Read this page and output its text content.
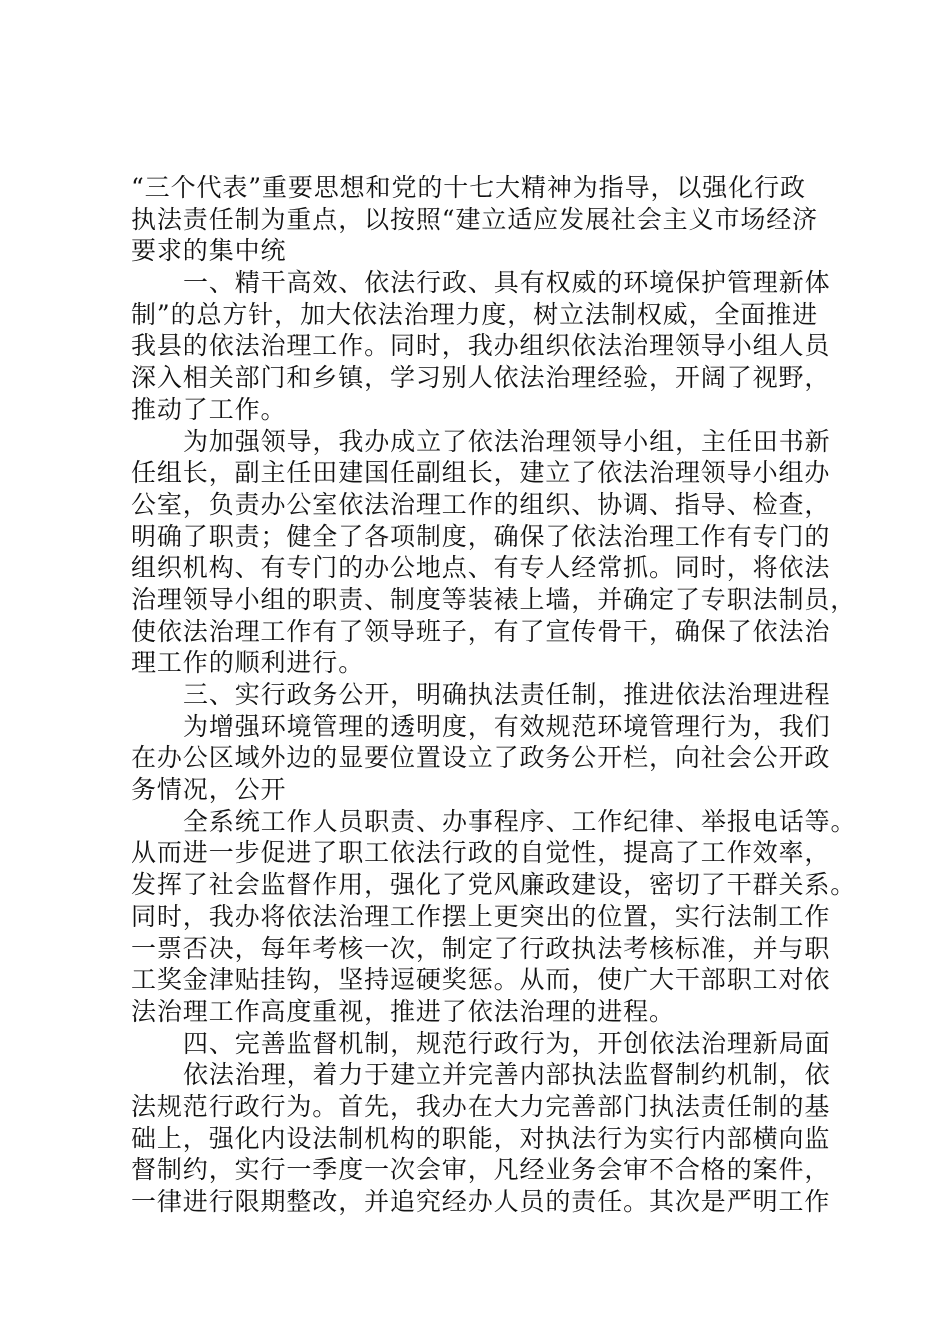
“三个代表”重要思想和党的十七大精神为指导，以强化行政
执法责任制为重点，以按照“建立适应发展社会主义市场经济
要求的集中统
一、精干高效、依法行政、具有权威的环境保护管理新体
制”的总方针，加大依法治理力度，树立法制权威，全面推进
我县的依法治理工作。同时，我办组织依法治理领导小组人员
深入相关部门和乡镇，学习别人依法治理经验，开阔了视野，
推动了工作。
为加强领导，我办成立了依法治理领导小组，主任田书新
任组长，副主任田建国任副组长，建立了依法治理领导小组办
公室，负责办公室依法治理工作的组织、协调、指导、检查，
明确了职责；健全了各项制度，确保了依法治理工作有专门的
组织机构、有专门的办公地点、有专人经常抓。同时，将依法
治理领导小组的职责、制度等装裱上墙，并确定了专职法制员，
使依法治理工作有了领导班子，有了宣传骨干，确保了依法治
理工作的顺利进行。
三、实行政务公开，明确执法责任制，推进依法治理进程
为增强环境管理的透明度，有效规范环境管理行为，我们
在办公区域外边的显要位置设立了政务公开栏，向社会公开政
务情况，公开
全系统工作人员职责、办事程序、工作纪律、举报电话等。
从而进一步促进了职工依法行政的自觉性，提高了工作效率，
发挥了社会监督作用，强化了党风廉政建设，密切了干群关系。
同时，我办将依法治理工作摆上更突出的位置，实行法制工作
一票否决，每年考核一次，制定了行政执法考核标准，并与职
工奖金津贴挂钩，坚持逗硬奖惩。从而，使广大干部职工对依
法治理工作高度重视，推进了依法治理的进程。
四、完善监督机制，规范行政行为，开创依法治理新局面
依法治理，着力于建立并完善内部执法监督制约机制，依
法规范行政行为。首先，我办在大力完善部门执法责任制的基
础上，强化内设法制机构的职能，对执法行为实行内部横向监
督制约，实行一季度一次会审，凡经业务会审不合格的案件，
一律进行限期整改，并追究经办人员的责任。其次是严明工作
